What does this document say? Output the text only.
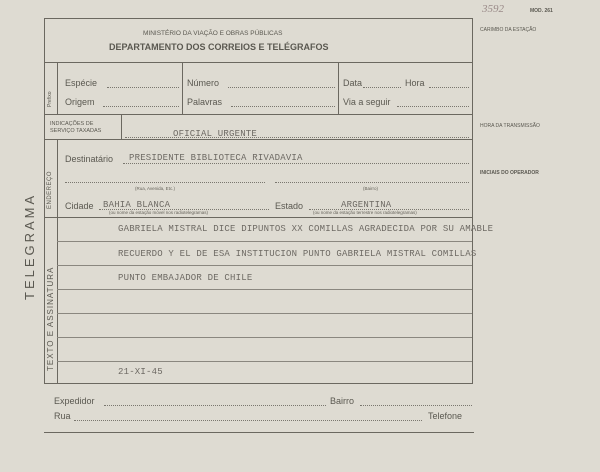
3592	MOD. 261
CARIMBO DA ESTAÇÃO
HORA DA TRANSMISSÃO
INICIAIS DO OPERADOR
TELEGRAMA
MINISTÉRIO DA VIAÇÃO E OBRAS PÚBLICAS
DEPARTAMENTO DOS CORREIOS E TELÉGRAFOS
Prefixo
Espécie	Número	Data	Hora
Origem	Palavras	Via a seguir
INDICAÇÕES DE SERVIÇO TAXADAS	OFICIAL URGENTE
ENDEREÇO
Destinatário PRESIDENTE BIBLIOTECA RIVADAVIA
(Rua, Avenida, Etc.)	(Bairro)
Cidade BAHIA BLANCA
(ou nome da estação móvel nos radiotelegramas)
Estado	ARGENTINA
(ou nome da estação terrestre nos radiotelegramas)
TEXTO E ASSINATURA
GABRIELA MISTRAL DICE DIPUNTOS XX COMILLAS AGRADECIDA POR SU AMABLE
RECUERDO Y EL DE ESA INSTITUCION PUNTO GABRIELA MISTRAL COMILLAS
PUNTO EMBAJADOR DE CHILE
21-XI-45
Expedidor	Bairro
Rua	Telefone
